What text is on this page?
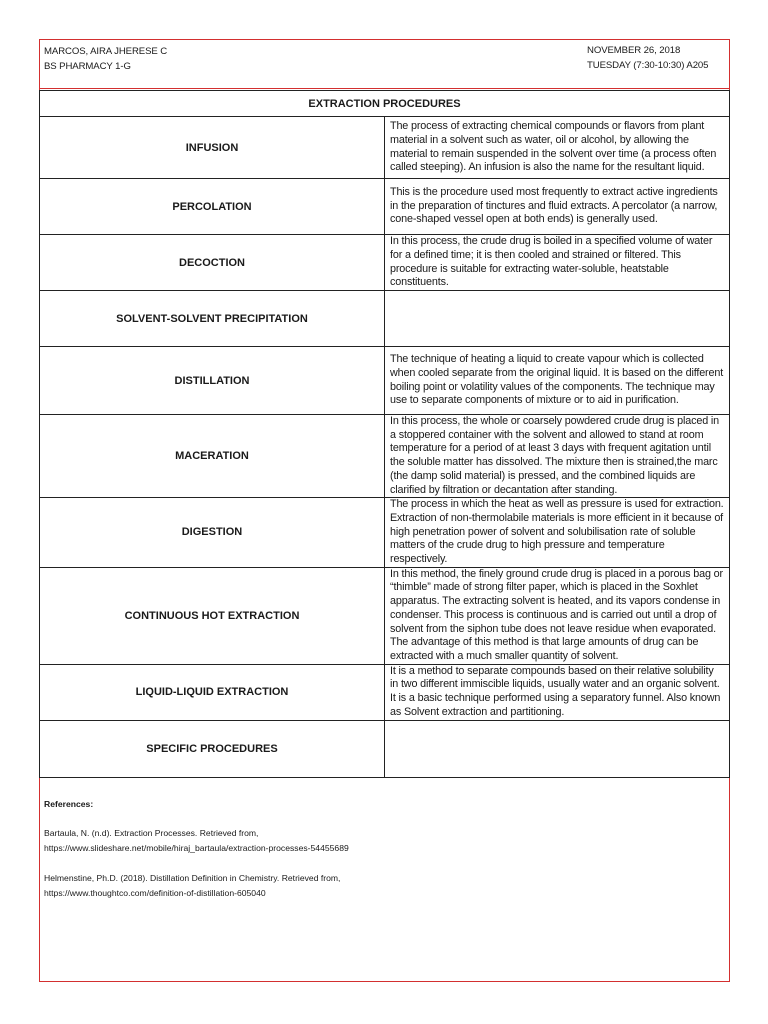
MARCOS, AIRA JHERESE C
BS PHARMACY 1-G
NOVEMBER 26, 2018
TUESDAY (7:30-10:30) A205
EXTRACTION PROCEDURES	
INFUSION	The process of extracting chemical compounds or flavors from plant material in a solvent such as water, oil or alcohol, by allowing the material to remain suspended in the solvent over time (a process often called steeping). An infusion is also the name for the resultant liquid.
PERCOLATION	This is the procedure used most frequently to extract active ingredients in the preparation of tinctures and fluid extracts. A percolator (a narrow, cone-shaped vessel open at both ends) is generally used.
DECOCTION	In this process, the crude drug is boiled in a specified volume of water for a defined time; it is then cooled and strained or filtered. This procedure is suitable for extracting water-soluble, heatstable constituents.
SOLVENT-SOLVENT PRECIPITATION	
DISTILLATION	The technique of heating a liquid to create vapour which is collected when cooled separate from the original liquid. It is based on the different boiling point or volatility values of the components. The technique may use to separate components of mixture or to aid in purification.
MACERATION	In this process, the whole or coarsely powdered crude drug is placed in a stoppered container with the solvent and allowed to stand at room temperature for a period of at least 3 days with frequent agitation until the soluble matter has dissolved. The mixture then is strained,the marc (the damp solid material) is pressed, and the combined liquids are clarified by filtration or decantation after standing.
DIGESTION	The process in which the heat as well as pressure is used for extraction. Extraction of non-thermolabile materials is more efficient in it because of high penetration power of solvent and solubilisation rate of soluble matters of the crude drug to high pressure and temperature respectively.
CONTINUOUS HOT EXTRACTION	In this method, the finely ground crude drug is placed in a porous bag or “thimble” made of strong filter paper, which is placed in the Soxhlet apparatus. The extracting solvent is heated, and its vapors condense in condenser. This process is continuous and is carried out until a drop of solvent from the siphon tube does not leave residue when evaporated. The advantage of this method is that large amounts of drug can be extracted with a much smaller quantity of solvent.
LIQUID-LIQUID EXTRACTION	It is a method to separate compounds based on their relative solubility in two different immiscible liquids, usually water and an organic solvent. It is a basic technique performed using a separatory funnel. Also known as Solvent extraction and partitioning.
SPECIFIC PROCEDURES	

References:

Bartaula, N. (n.d). Extraction Processes. Retrieved from,

https://www.slideshare.net/mobile/hiraj_bartaula/extraction-processes-54455689

Helmenstine, Ph.D. (2018). Distillation Definition in Chemistry. Retrieved from,

https://www.thoughtco.com/definition-of-distillation-605040
